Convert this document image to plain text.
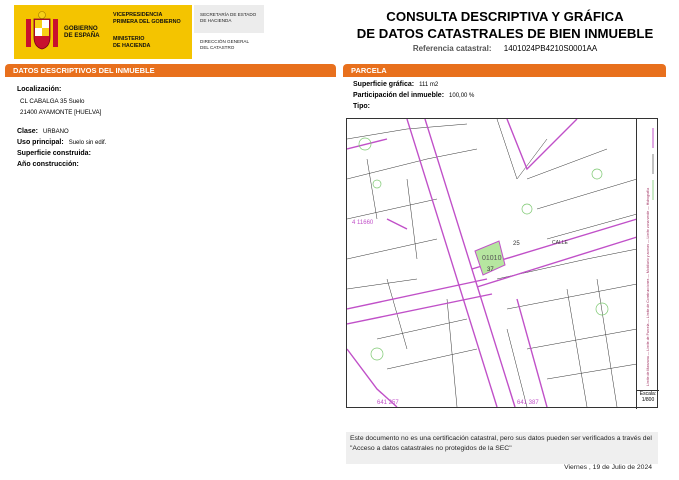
GOBIERNO
DE ESPAÑA
VICEPRESIDENCIA
PRIMERA DEL GOBIERNO
MINISTERIO
DE HACIENDA
SECRETARÍA DE ESTADO
DE HACIENDA
DIRECCIÓN GENERAL
DEL CATASTRO
CONSULTA DESCRIPTIVA Y GRÁFICA
DE DATOS CATASTRALES DE BIEN INMUEBLE
Referencia catastral: 1401024PB4210S0001AA
DATOS DESCRIPTIVOS DEL INMUEBLE	PARCELA
Localización:
CL CABALGA 35 Suelo
21400 AYAMONTE [HUELVA]
Clase: URBANO
Uso principal: Suelo sin edif.
Superficie construida:
Año construcción:
Superficie gráfica: 111 m2
Participación del inmueble: 100,00 %
Tipo:
01010
37
25
4 11660
641 257	641 387
CALLE	Límite de Manzana — Límite de Parcela — Límite de Construcciones — Mobiliario y aceras — Límite zona verde — Hidrografía
Escala:
1/800
Este documento no es una certificación catastral, pero sus datos pueden ser verificados a través del "Acceso a datos catastrales no protegidos de la SEC"
Viernes , 19 de Julio de 2024
